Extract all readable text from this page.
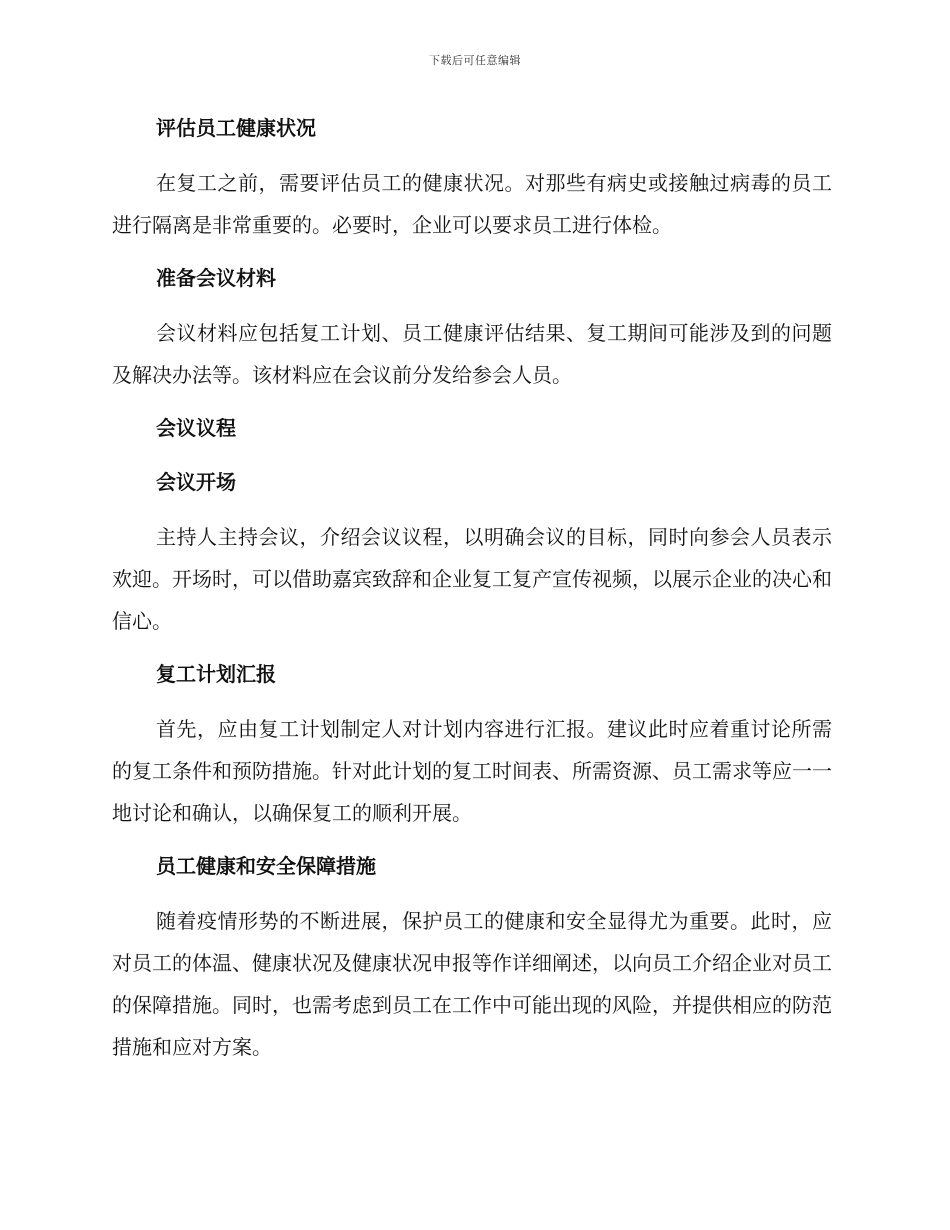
下载后可任意编辑
评估员工健康状况

在复工之前，需要评估员工的健康状况。对那些有病史或接触过病毒的员工进行隔离是非常重要的。必要时，企业可以要求员工进行体检。

准备会议材料

会议材料应包括复工计划、员工健康评估结果、复工期间可能涉及到的问题及解决办法等。该材料应在会议前分发给参会人员。

会议议程
会议开场

主持人主持会议，介绍会议议程，以明确会议的目标，同时向参会人员表示欢迎。开场时，可以借助嘉宾致辞和企业复工复产宣传视频，以展示企业的决心和信心。

复工计划汇报

首先，应由复工计划制定人对计划内容进行汇报。建议此时应着重讨论所需的复工条件和预防措施。针对此计划的复工时间表、所需资源、员工需求等应一一地讨论和确认，以确保复工的顺利开展。

员工健康和安全保障措施

随着疫情形势的不断进展，保护员工的健康和安全显得尤为重要。此时，应对员工的体温、健康状况及健康状况申报等作详细阐述，以向员工介绍企业对员工的保障措施。同时，也需考虑到员工在工作中可能出现的风险，并提供相应的防范措施和应对方案。
